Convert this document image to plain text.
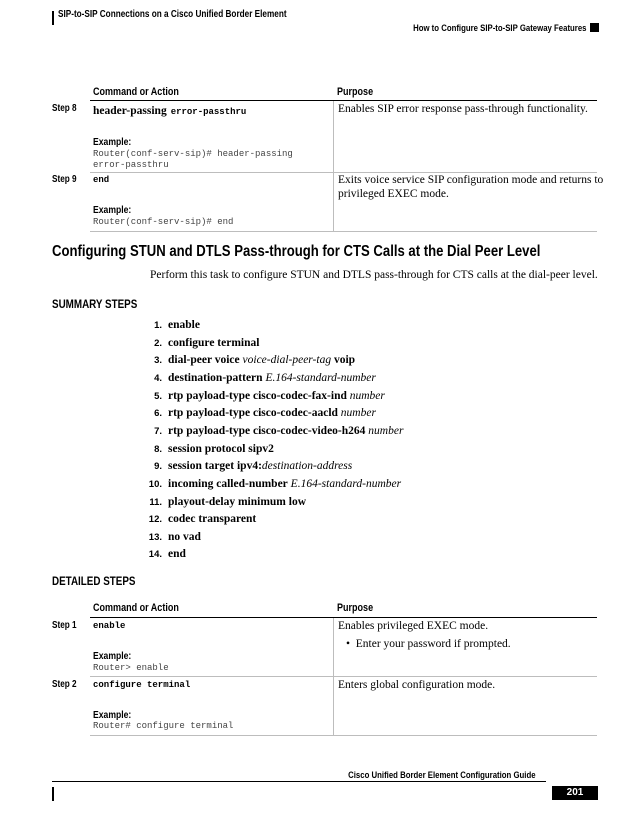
SIP-to-SIP Connections on a Cisco Unified Border Element
How to Configure SIP-to-SIP Gateway Features
Command or Action	Purpose
Step 8 header-passing error-passthru
Example:
Router(conf-serv-sip)# header-passing
error-passthru
Enables SIP error response pass-through functionality.
Step 9 end
Example:
Router(conf-serv-sip)# end
Exits voice service SIP configuration mode and returns to
privileged EXEC mode.
Configuring STUN and DTLS Pass-through for CTS Calls at the Dial Peer Level
Perform this task to configure STUN and DTLS pass-through for CTS calls at the dial-peer level.
SUMMARY STEPS
1. enable
2. configure terminal
3. dial-peer voice voice-dial-peer-tag voip
4. destination-pattern E.164-standard-number
5. rtp payload-type cisco-codec-fax-ind number
6. rtp payload-type cisco-codec-aacld number
7. rtp payload-type cisco-codec-video-h264 number
8. session protocol sipv2
9. session target ipv4:destination-address
10. incoming called-number E.164-standard-number
11. playout-delay minimum low
12. codec transparent
13. no vad
14. end
DETAILED STEPS
Command or Action	Purpose
Step 1 enable
Example:
Router> enable
Enables privileged EXEC mode.
• Enter your password if prompted.
Step 2 configure terminal
Example:
Router# configure terminal
Enters global configuration mode.
Cisco Unified Border Element Configuration Guide
201
